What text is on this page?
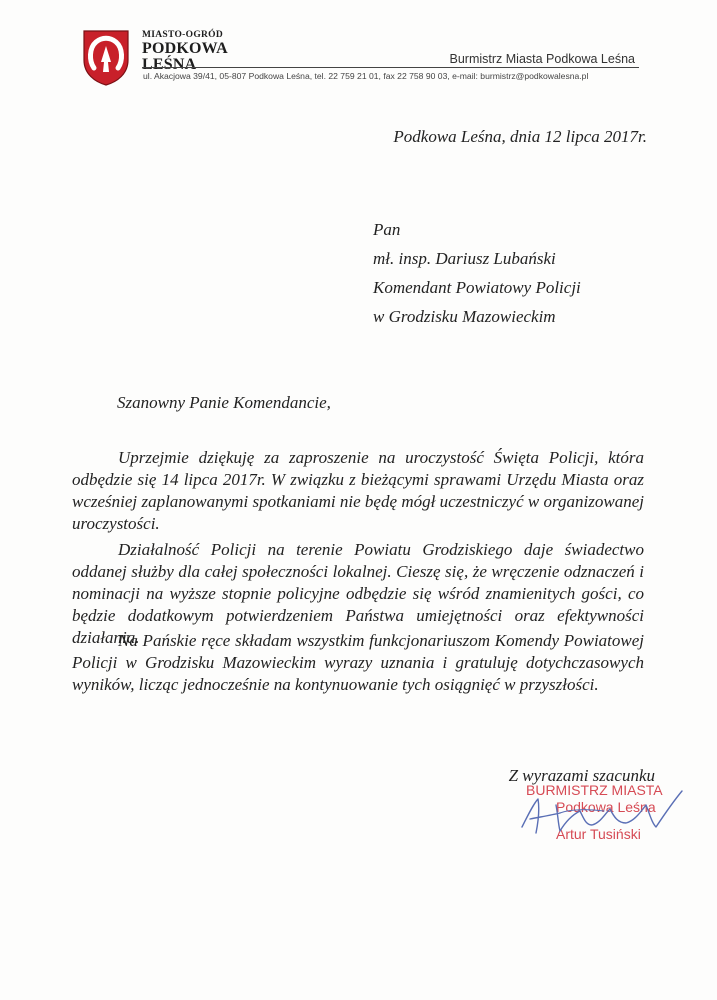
MIASTO-OGRÓD
PODKOWA
LEŚNA	Burmistrz Miasta Podkowa Leśna
ul. Akacjowa 39/41, 05-807 Podkowa Leśna, tel. 22 759 21 01, fax 22 758 90 03, e-mail: burmistrz@podkowalesna.pl
Podkowa Leśna, dnia 12 lipca 2017r.
Pan
mł. insp. Dariusz Lubański
Komendant Powiatowy Policji
w Grodzisku Mazowieckim
Szanowny Panie Komendancie,

Uprzejmie dziękuję za zaproszenie na uroczystość Święta Policji, która odbędzie się 14 lipca 2017r. W związku z bieżącymi sprawami Urzędu Miasta oraz wcześniej zaplanowanymi spotkaniami nie będę mógł uczestniczyć w organizowanej uroczystości.

Działalność Policji na terenie Powiatu Grodziskiego daje świadectwo oddanej służby dla całej społeczności lokalnej. Cieszę się, że wręczenie odznaczeń i nominacji na wyższe stopnie policyjne odbędzie się wśród znamienitych gości, co będzie dodatkowym potwierdzeniem Państwa umiejętności oraz efektywności działania.

Na Pańskie ręce składam wszystkim funkcjonariuszom Komendy Powiatowej Policji w Grodzisku Mazowieckim wyrazy uznania i gratuluję dotychczasowych wyników, licząc jednocześnie na kontynuowanie tych osiągnięć w przyszłości.

Z wyrazami szacunku
BURMISTRZ MIASTA
Podkowa Leśna
Artur Tusiński
